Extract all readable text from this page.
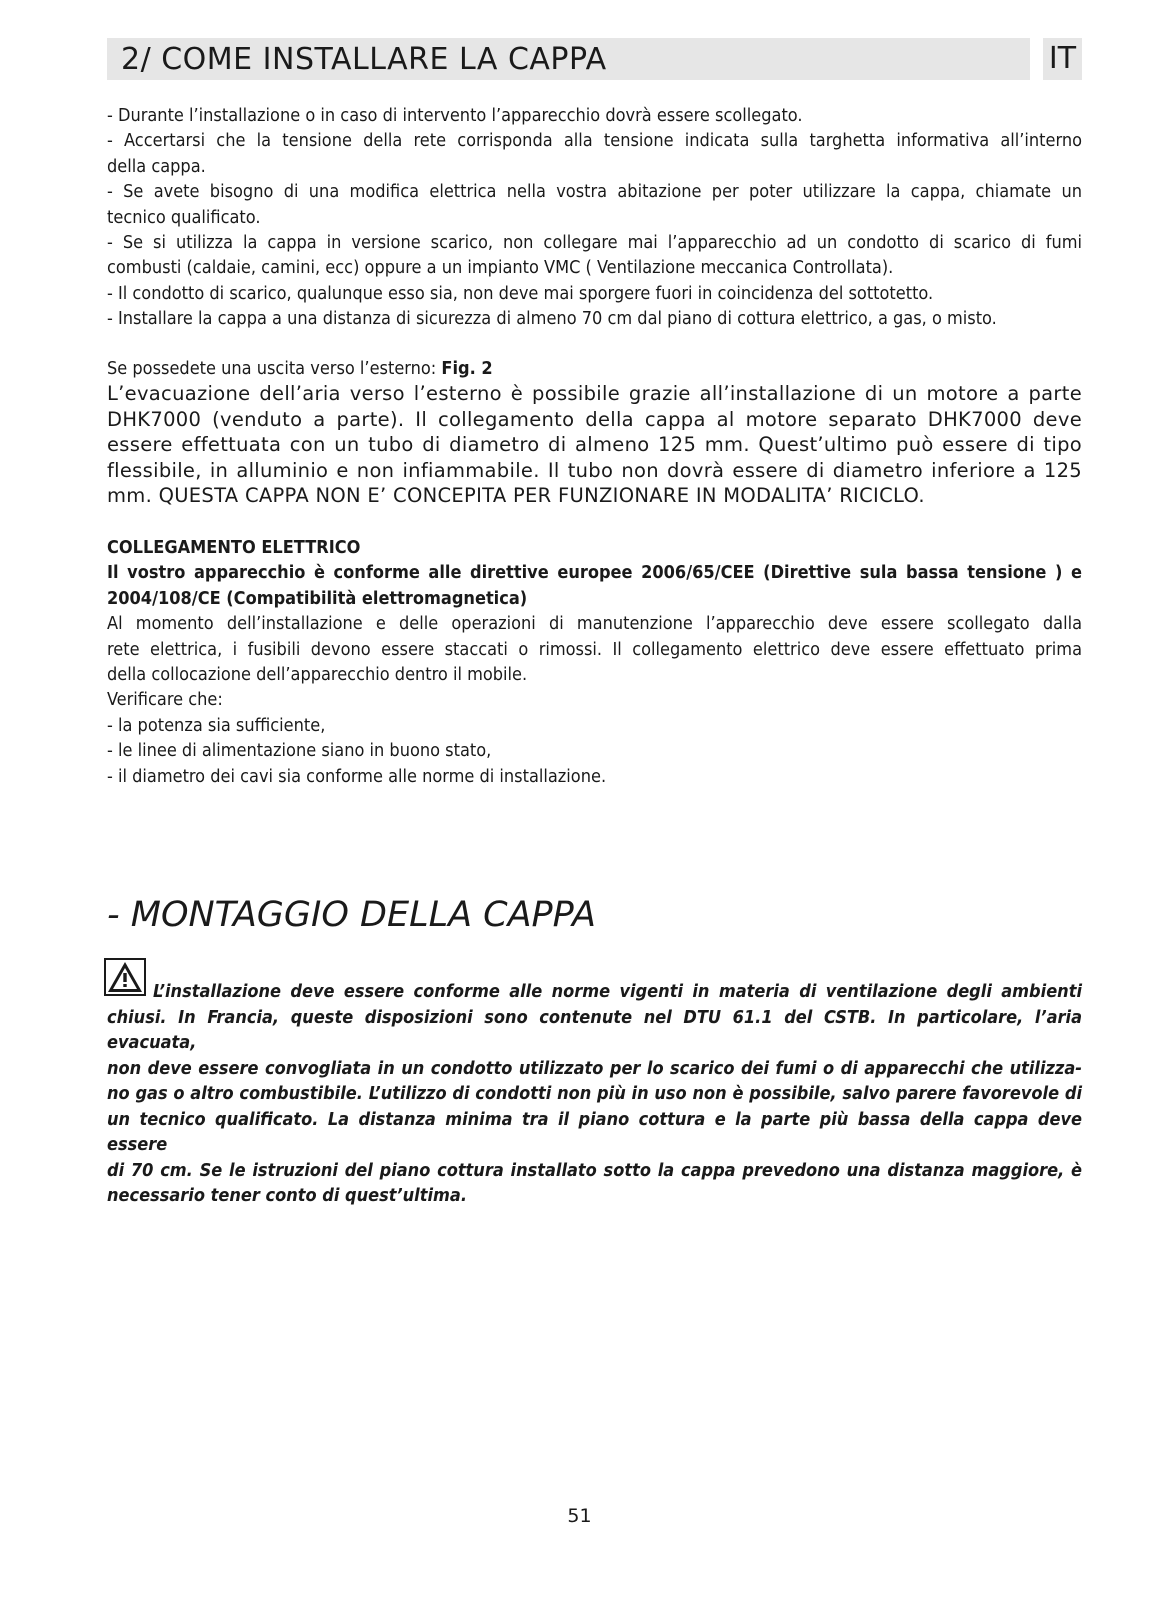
2/ COME INSTALLARE LA CAPPA	IT
- Durante l’installazione o in caso di intervento l’apparecchio dovrà essere scollegato.
- Accertarsi che la tensione della rete corrisponda alla tensione indicata sulla targhetta informativa all’interno
della cappa.
- Se avete bisogno di una modifica elettrica nella vostra abitazione per poter utilizzare la cappa, chiamate un
tecnico qualificato.
- Se si utilizza la cappa in versione scarico, non collegare mai l’apparecchio ad un condotto di scarico di fumi
combusti (caldaie, camini, ecc) oppure a un impianto VMC ( Ventilazione meccanica Controllata).
- Il condotto di scarico, qualunque esso sia, non deve mai sporgere fuori in coincidenza del sottotetto.
- Installare la cappa a una distanza di sicurezza di almeno 70 cm dal piano di cottura elettrico, a gas, o misto.
Se possedete una uscita verso l’esterno: Fig. 2
L’evacuazione dell’aria verso l’esterno è possibile grazie all’installazione di un motore a parte
DHK7000 (venduto a parte). Il collegamento della cappa al motore separato DHK7000 deve
essere effettuata con un tubo di diametro di almeno 125 mm. Quest’ultimo può essere di tipo
flessibile, in alluminio e non infiammabile. Il tubo non dovrà essere di diametro inferiore a 125
mm. QUESTA CAPPA NON E’ CONCEPITA PER FUNZIONARE IN MODALITA’ RICICLO.
COLLEGAMENTO ELETTRICO
Il vostro apparecchio è conforme alle direttive europee 2006/65/CEE (Direttive sula bassa tensione ) e
2004/108/CE (Compatibilità elettromagnetica)
Al momento dell’installazione e delle operazioni di manutenzione l’apparecchio deve essere scollegato dalla
rete elettrica, i fusibili devono essere staccati o rimossi. Il collegamento elettrico deve essere effettuato prima
della collocazione dell’apparecchio dentro il mobile.
Verificare che:
- la potenza sia sufficiente,
- le linee di alimentazione siano in buono stato,
- il diametro dei cavi sia conforme alle norme di installazione.
- MONTAGGIO DELLA CAPPA
L’installazione deve essere conforme alle norme vigenti in materia di ventilazione degli ambienti
chiusi. In Francia, queste disposizioni sono contenute nel DTU 61.1 del CSTB. In particolare, l’aria evacuata,
non deve essere convogliata in un condotto utilizzato per lo scarico dei fumi o di apparecchi che utilizza-
no gas o altro combustibile. L’utilizzo di condotti non più in uso non è possibile, salvo parere favorevole di
un tecnico qualificato. La distanza minima tra il piano cottura e la parte più bassa della cappa deve essere
di 70 cm. Se le istruzioni del piano cottura installato sotto la cappa prevedono una distanza maggiore, è
necessario tener conto di quest’ultima.
51
